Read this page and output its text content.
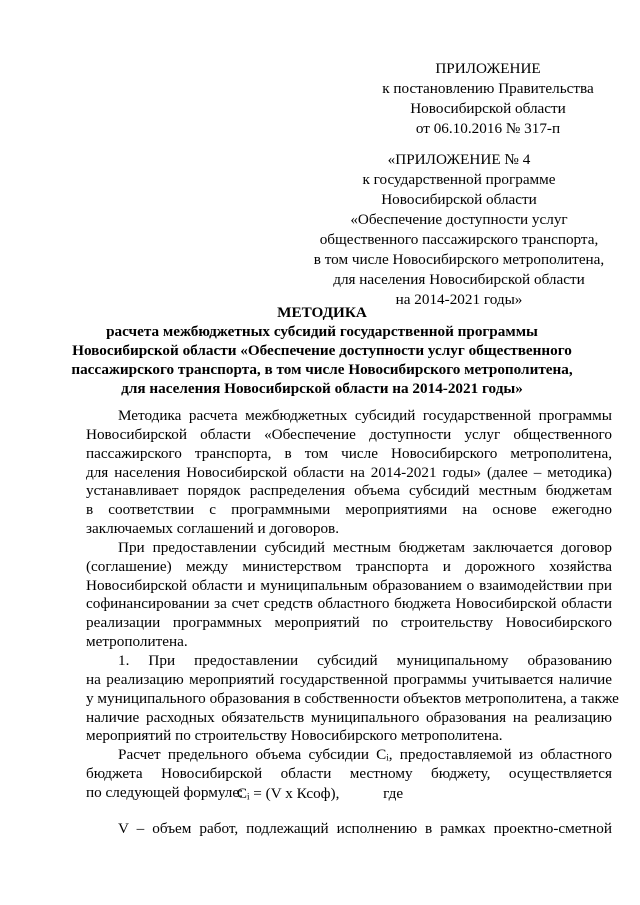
ПРИЛОЖЕНИЕ
к постановлению Правительства
Новосибирской области
от 06.10.2016 № 317-п
«ПРИЛОЖЕНИЕ № 4
к государственной программе
Новосибирской области
«Обеспечение доступности услуг
общественного пассажирского транспорта,
в том числе Новосибирского метрополитена,
для населения Новосибирской области
на 2014-2021 годы»
МЕТОДИКА
расчета межбюджетных субсидий государственной программы
Новосибирской области «Обеспечение доступности услуг общественного
пассажирского транспорта, в том числе Новосибирского метрополитена,
для населения Новосибирской области на 2014-2021 годы»
Методика расчета межбюджетных субсидий государственной программы
Новосибирской области «Обеспечение доступности услуг общественного
пассажирского транспорта, в том числе Новосибирского метрополитена,
для населения Новосибирской области на 2014-2021 годы» (далее – методика)
устанавливает порядок распределения объема субсидий местным бюджетам
в соответствии с программными мероприятиями на основе ежегодно
заключаемых соглашений и договоров.
При предоставлении субсидий местным бюджетам заключается договор
(соглашение) между министерством транспорта и дорожного хозяйства
Новосибирской области и муниципальным образованием о взаимодействии при
софинансировании за счет средств областного бюджета Новосибирской области
реализации программных мероприятий по строительству Новосибирского
метрополитена.
1. При предоставлении субсидий муниципальному образованию
на реализацию мероприятий государственной программы учитывается наличие
у муниципального образования в собственности объектов метрополитена, а также
наличие расходных обязательств муниципального образования на реализацию
мероприятий по строительству Новосибирского метрополитена.
Расчет предельного объема субсидии Сᵢ, предоставляемой из областного
бюджета Новосибирской области местному бюджету, осуществляется
по следующей формуле:
Сᵢ = (V x Ксоф),	где
V – объем работ, подлежащий исполнению в рамках проектно-сметной
